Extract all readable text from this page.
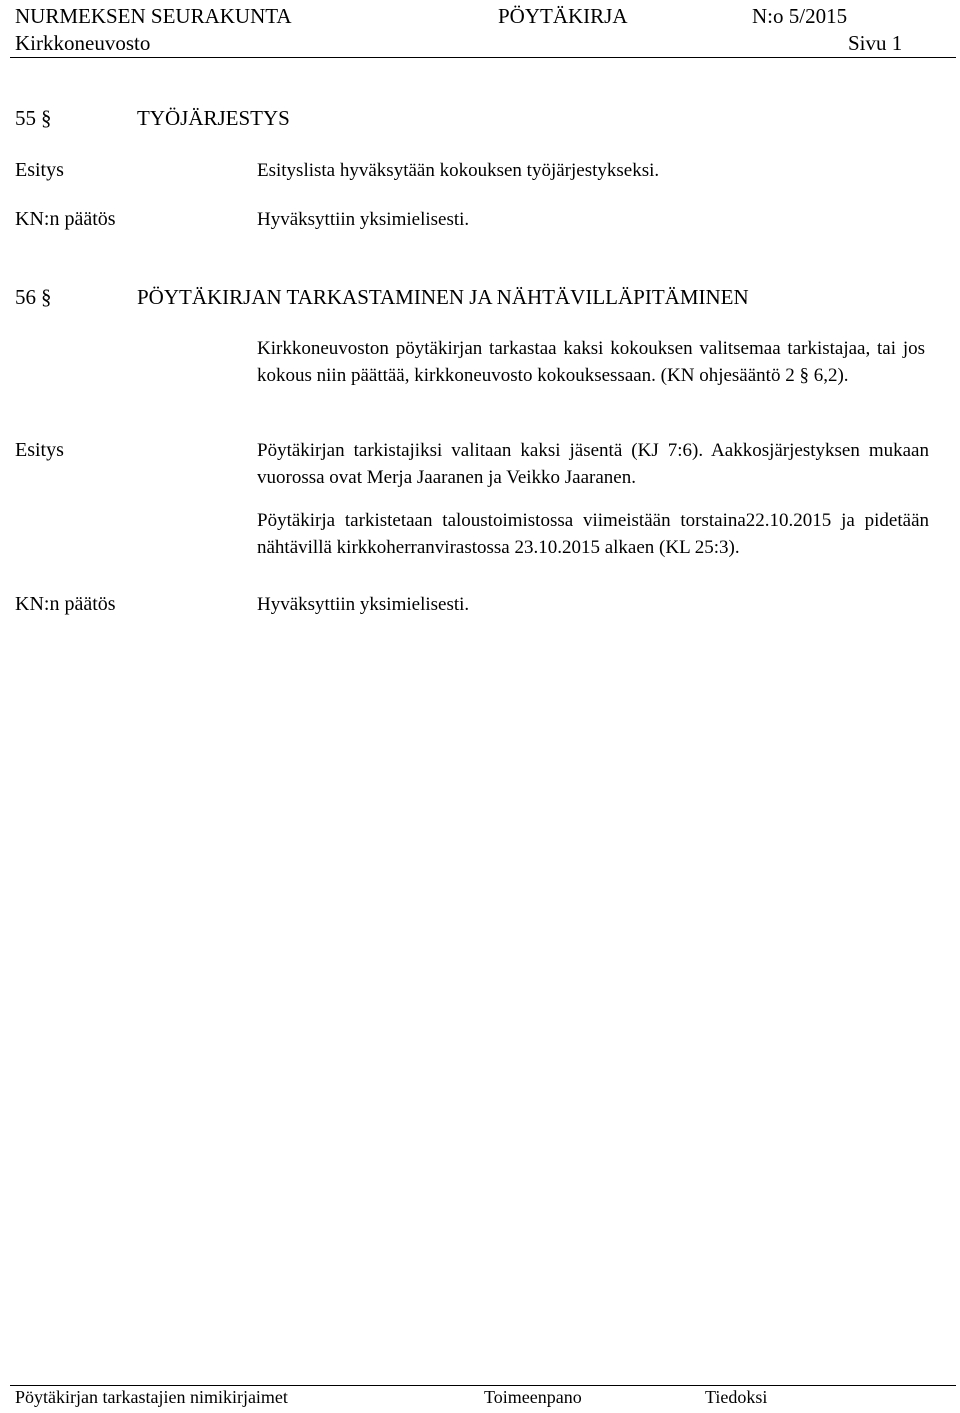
NURMEKSEN SEURAKUNTA	PÖYTÄKIRJA	N:o 5/2015
Kirkkoneuvosto	Sivu 1
55 §	TYÖJÄRJESTYS
Esitys	Esityslista hyväksytään kokouksen työjärjestykseksi.
KN:n päätös	Hyväksyttiin yksimielisesti.
56 §	PÖYTÄKIRJAN TARKASTAMINEN JA NÄHTÄVILLÄPITÄMINEN

Kirkkoneuvoston pöytäkirjan tarkastaa kaksi kokouksen valitsemaa tarkistajaa, tai jos kokous niin päättää, kirkkoneuvosto kokouksessaan. (KN ohjesääntö 2 § 6,2).

Esitys	Pöytäkirjan tarkistajiksi valitaan kaksi jäsentä (KJ 7:6). Aakkosjärjestyksen mukaan vuorossa ovat Merja Jaaranen ja Veikko Jaaranen.

Pöytäkirja tarkistetaan taloustoimistossa viimeistään torstaina22.10.2015 ja pidetään nähtävillä kirkkoherranvirastossa 23.10.2015 alkaen (KL 25:3).

KN:n päätös	Hyväksyttiin yksimielisesti.
Pöytäkirjan tarkastajien nimikirjaimet	Toimeenpano	Tiedoksi
